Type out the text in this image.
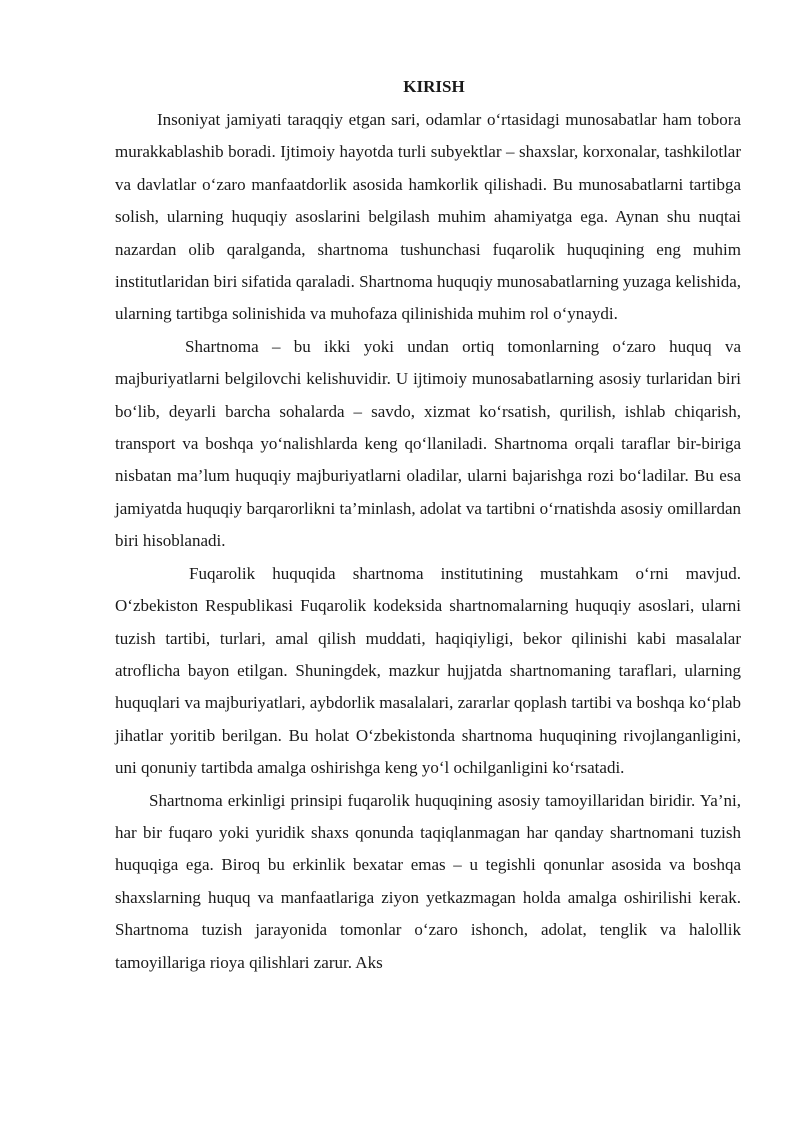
KIRISH

Insoniyat jamiyati taraqqiy etgan sari, odamlar o‘rtasidagi munosabatlar ham tobora murakkablashib boradi. Ijtimoiy hayotda turli subyektlar – shaxslar, korxonalar, tashkilotlar va davlatlar o‘zaro manfaatdorlik asosida hamkorlik qilishadi. Bu munosabatlarni tartibga solish, ularning huquqiy asoslarini belgilash muhim ahamiyatga ega. Aynan shu nuqtai nazardan olib qaralganda, shartnoma tushunchasi fuqarolik huquqining eng muhim institutlaridan biri sifatida qaraladi. Shartnoma huquqiy munosabatlarning yuzaga kelishida, ularning tartibga solinishida va muhofaza qilinishida muhim rol o‘ynaydi.

Shartnoma – bu ikki yoki undan ortiq tomonlarning o‘zaro huquq va majburiyatlarni belgilovchi kelishuvidir. U ijtimoiy munosabatlarning asosiy turlaridan biri bo‘lib, deyarli barcha sohalarda – savdo, xizmat ko‘rsatish, qurilish, ishlab chiqarish, transport va boshqa yo‘nalishlarda keng qo‘llaniladi. Shartnoma orqali taraflar bir-biriga nisbatan ma’lum huquqiy majburiyatlarni oladilar, ularni bajarishga rozi bo‘ladilar. Bu esa jamiyatda huquqiy barqarorlikni ta’minlash, adolat va tartibni o‘rnatishda asosiy omillardan biri hisoblanadi.

Fuqarolik huquqida shartnoma institutining mustahkam o‘rni mavjud. O‘zbekiston Respublikasi Fuqarolik kodeksida shartnomalarning huquqiy asoslari, ularni tuzish tartibi, turlari, amal qilish muddati, haqiqiyligi, bekor qilinishi kabi masalalar atroflicha bayon etilgan. Shuningdek, mazkur hujjatda shartnomaning taraflari, ularning huquqlari va majburiyatlari, aybdorlik masalalari, zararlar qoplash tartibi va boshqa ko‘plab jihatlar yoritib berilgan. Bu holat O‘zbekistonda shartnoma huquqining rivojlanganligini, uni qonuniy tartibda amalga oshirishga keng yo‘l ochilganligini ko‘rsatadi.

Shartnoma erkinligi prinsipi fuqarolik huquqining asosiy tamoyillaridan biridir. Ya’ni, har bir fuqaro yoki yuridik shaxs qonunda taqiqlanmagan har qanday shartnomani tuzish huquqiga ega. Biroq bu erkinlik bexatar emas – u tegishli qonunlar asosida va boshqa shaxslarning huquq va manfaatlariga ziyon yetkazmagan holda amalga oshirilishi kerak. Shartnoma tuzish jarayonida tomonlar o‘zaro ishonch, adolat, tenglik va halollik tamoyillariga rioya qilishlari zarur. Aks
